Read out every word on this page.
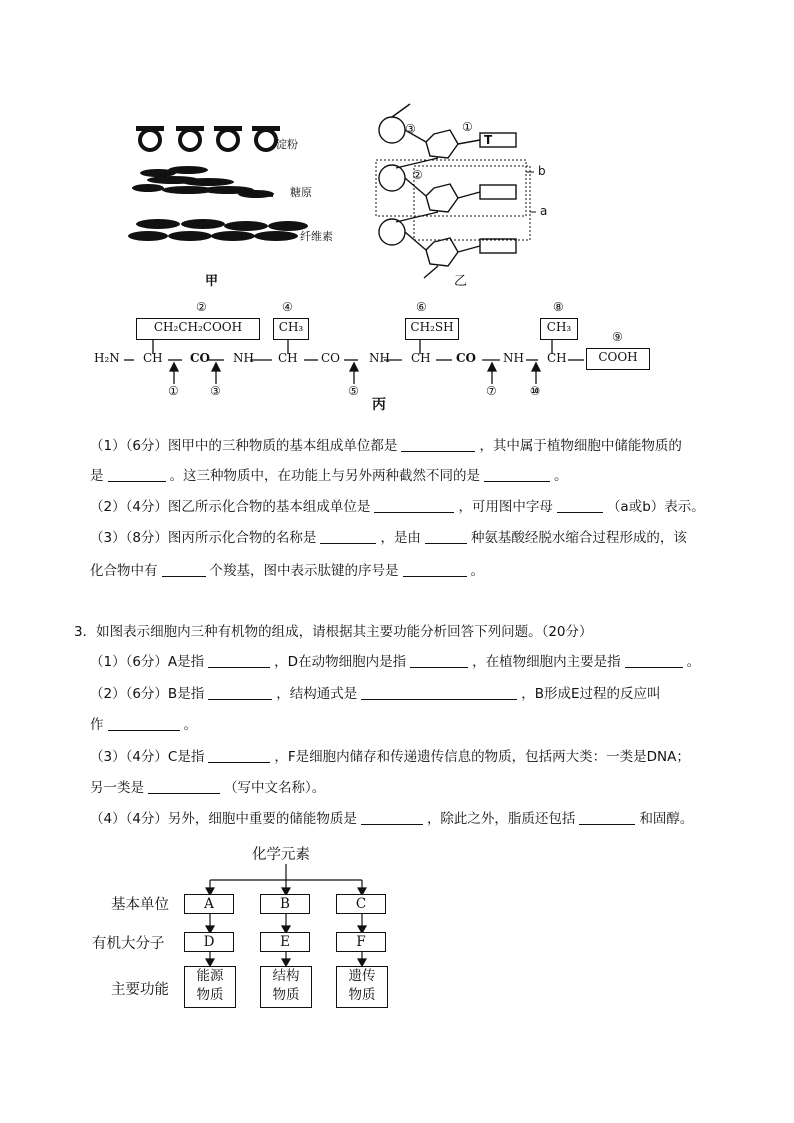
淀粉
糖原
纤维素
甲
③
②
①
T
b
a
乙
②	④	⑥	⑧
⑨
CH₂CH₂COOH	CH₃	CH₂SH	CH₃
COOH
H₂N CH CO NH CH CO NH CH CO NH CH
①	③	⑤	⑦	⑩
丙
（1）（6分）图甲中的三种物质的基本组成单位都是	，其中属于植物细胞中储能物质的
是	。这三种物质中，在功能上与另外两种截然不同的是	。
（2）（4分）图乙所示化合物的基本组成单位是	，可用图中字母	（a或b）表示。
（3）（8分）图丙所示化合物的名称是	，是由	种氨基酸经脱水缩合过程形成的，该
化合物中有	个羧基，图中表示肽键的序号是	。
3．如图表示细胞内三种有机物的组成，请根据其主要功能分析回答下列问题。（20分）
（1）（6分）A是指	，D在动物细胞内是指	，在植物细胞内主要是指	。
（2）（6分）B是指	，结构通式是	，B形成E过程的反应叫
作	。
（3）（4分）C是指	，F是细胞内储存和传递遗传信息的物质，包括两大类：一类是DNA；
另一类是	（写中文名称）。
（4）（4分）另外，细胞中重要的储能物质是	，除此之外，脂质还包括	和固醇。
化学元素
基本单位
有机大分子
主要功能
A	B	C
D	E	F
能源
物质
结构
物质
遗传
物质
